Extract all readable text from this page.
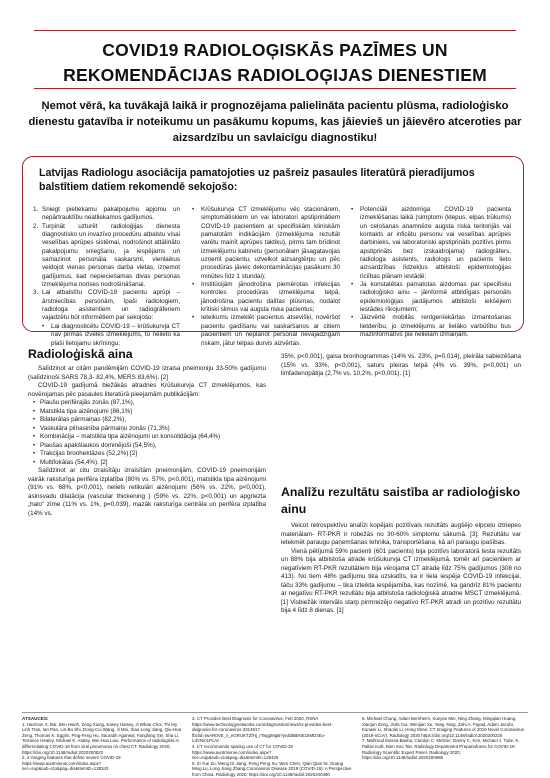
COVID19 RADIOLOĢISKĀS PAZĪMES UN REKOMENDĀCIJAS RADIOLOĢIJAS DIENESTIEM
Ņemot vērā, ka tuvākajā laikā ir prognozējama palielināta pacientu plūsma, radioloģisko dienestu gatavība ir noteikumu un pasākumu kopums, kas jāievieš un jāievēro atceroties par aizsardzību un savlaicīgu diagnostiku!
Latvijas Radiologu asociācija pamatojoties uz pašreiz pasaules literatūrā pieradījumos balstītiem datiem rekomendē sekojošo:
1. Sniegt pietiekamu pakalpojumu apjomu un nepārtrauktību neatliekamos gadījumos.
2. Turpināt uzturēt radioloģijas dienesta diagnostisko un invazīvo procedūru atbalstu visai veselības aprūpes sistēmai, nodrošinot attālināto pakalpojumu sniegšanu, ja iespējams un samazinot personāla saskarsmi, vienlaikus veidojot vienas personas darba vietas, izņemot gadījumus, kad nepieciešamas divas personas izmeklējuma norises nodrošināšanai.
3. Lai atbalstītu COVID-19 pacientu aprūpi – ārstniecības personām, īpaši radiologiem, radiologa asistentiem un radiogrāferiem vajadzētu būt informētiem par sekojošo:
• Lai diagnosticētu COVID-19 – krūšukurvja CT nav pirmās izvēles izmeklējums, to nelieto kā plaši lietojamu skrīningu;
• Krūšukurvja CT izmeklējumu vēc stacionārem, simptomātiskiem un vai laboratori apstiprinātiem COVID-19 pacientiem ar specifiskām kliniskām pamatotām indikācijām (izmeklējuma rezultāt varētu mainīt aprūpes taktiku), pirms tam brīdinot izmeklējumu kabinetu (personālam jāsagatavojas uzņemt pacientu, uzvelkot aizsargtērpu un pēc procedūras jāveic dekontaminācijas pasākumi 30 minūtes līdz 1 stundai);
• Institūcijām jānodrošina piemērotas infekcijas kontroles procedūras izmeklējuma telpā, jānodrošina pacientu dalītas plūsmas, nodalot krītiski slimus vai augsta riska pacientus;
• Ieteikums izmeklēt pacientus atsevišķi, novēršot pacientu gaidīšanu vai saskaršanos ar citiem pacientiem un neplānot personāl nevajadzīgam riskam, jātur telpas durvis aizvērtas.
• Potenciāli aizdomīga COVID-19 pacienta izmeklēšanas laikā (simptomi (klepus, elpas trūkums) un ceļošanas anamnēze augsta riska teritorijās vai kontakts ar inficētu personu vai veselības aprūpes darbinieks, vai laboratoriski apstiprināts pozitīvs pirms apstiprināts bez izskaidrojama) radiogrāfers, radiologa asistents, radiologs un pacients lieto aizsardzības līdzekļus atbilstoši epidemioloģijas riciības plānam iestādē;
• Ja konstatētas pamatotas aizdomas par specifisku radioloģisko ainu – jāinformē atbildīgais personāls epidemioloģijas jautājumos atbilstoši iekšējiem iestādes rīkojumiem;
• Jāizvērtē mobilās rentgenīekārtas izmantošanas lietderību, jo izmeklējums ar lielāko varbūtību bus mazinformatīvs pie nelielām izmaiņām.
Radioloģiskā aina

Salīdzinot ar citām pandēmijām COVID-19 izraisa pneimoniju 33-50% gadījumu (salīdzinoši SARS 78,3- 82,4%, MERS 83,6%). [2]

COVID-19 gadījumā biežākās atradnes Krūšukurvja CT izmeklējumos, kas novērojamas pēc pasaules literatūrā pieejamām publikācijām:

• Plaušu perifērajās zonās (87,1%),
• Matstikla tipa aizēnojumi (86,1%)
• Bilaterālas pārmaiņas (82,2%),
• Vaskulāra pilnasinība pārmaiņu zonās (71,3%)
• Kombinācija – matstikla tipa aizēnojumi un konsolidācija (64,4%)
• Plaušas apakšlaukos dominējoši (54,5%),
• Trakcijas bronhektāzes (52,2%) [2]
• Multifokālas (54,4%). [2]

Salīdzinot ar citu izraisītāju izraisītām pneimonijām, COVID-19 pneimonijām vairāk raksturīga perifēra izplatība (80% vs. 57%, p<0,001), matstikla tipa aizēnojumi (91% vs. 68%, p<0,001), neliels retikulāri aizēnojumi (56% vs. 22%, p<0,001), asinsvadu dilatācija (vascular thickening ) (59% vs. 22%, p<0,001) un apgriezta „halo" zīme (11% vs. 1%, p=0,039), mazāk raksturīga centrāla un perifēra izplatība (14% vs.

35%, p<0,001), gaisa bronhogrammas (14% vs. 23%, p=0,014), pleirāla sabiezēšana (15% vs. 33%, p<0,001), saturs pleiras telpā (4% vs. 39%, p<0,001) un limfadenopātija (2,7% vs. 10,2%, p<0,001). [1]

Analīžu rezultātu saistība ar radioloģisko ainu

Veicot retrospektīvu analīzi kopējais pozitīvais rezultāts augšējo elpceļu iztriepes materiālam- RT-PKR ir robežās no 30-60% simptomu sākumā. [3]. Rezultātu var ietekmēt paraugu paņemšanas tehnika, transportēšana, kā arī paraugu ipašības.

Vienā pētījumā 59% pacienti (601 pacients) bija pozitīvs laboratorā testa rezultāts un 88% bija atbilstoša atrade krūšukurvja CT izmeklējumā, tomēr arī pacientiem ar negatīviem RT-PKR rezultātiem bija vērojama CT atrade līdz 75% gadījumos (308 no 413). No tiem 48% gadījumu tika uzskatīts, ka ir liela iespēja COVID-19 infekcijai, tāču 33% gadījumu – tika izteikta iespējamība, kas nozīmē, ka gandrīz 81% pacientu ar negatīvu RT-PKR rezultātu bija atbilstoša radioloģiskā atradne MSCT izmeklējumā. [1] Visbiežāk intervāls starp pirmreizējo negatīvo RT-PKR atradi un pozitīvu rezultātu bija 4 līdz 8 dienas. [1]

ATSAUCES:

1. Harrison X. Bai, Ben Hsieh, Zeng Xiong, Kasey Halsey, Ji Whae Choi, Thi My Linh Tran, Ian Pan, Lin-Bo Shi, Dong-Cui Wang, Ji Mei, Xiao-Long Jiang, Qiu-Hua Zeng, Thomas K. Egglin, Ping-Feng Hu, Saurabh Agarwal, Fangfang Xie, Sha Li, Terrance Healey, Michael K. Atalay, Wei-Hua Liao. Performance of radiologists in differentiating COVID-19 from viral pneumonia on chest CT. Radiology 2020; https://doi.org/10.1148/radiol.2020200823

2. 4 imaging features that define severe COVID-19 https://www.auntminnie.com/index.aspx?sec=sup&sub=cto&pag=dis&ItemID=128343

3. CT Provides Best Diagnosis for Coronavirus, Feb 2020, RSNA https://www.technologynetworks.com/diagnostics/news/ct-provides-best-diagnosis-for-coronavirus-331491?fbclid=IwAR0VE_n_eGRUKTZfHj_rTwgpMgBYjeddBBINE15MD4Ex-LdVNm1PcAc

4. CT recommends sparing use of CT for COVID-19 https://www.auntminnie.com/index.aspx?sec=sup&sub=cto&pag=dis&ItemID=128426

5. Zi Yue Zu, Meng Di Jiang, Peng Peng Xu, Wen Chen, Qian Qian Ni, Guang Ming Lu, Long Jiang Zhang.Coronavirus Disease 2019 (COVID-19): A Perspective from China. Radiology 2020; https://doi.org/10.1148/radiol.2020200490

6. Michael Chung, Adam Bernheim, Xueyan Mei, Ning Zhang, Mingqian Huang, Xianjun Zeng, Jiufa Cui, Wenjian Xu, Yang Yang, Zahi A. Fayad, Adam Jacobi, Kunwei Li, Shaolin Li, Hong Shan. CT Imaging Features of 2019 Novel Coronavirus (2019-nCoV). Radiology 2020 https://doi.org/10.1148/radiol.2020200230

7. Mahmud Mossa-Basha, Carolyn C. Meltzer, Danny C. Kim, Michael J. Tuite, K. Pallav Kolli, Bien Soo Tan. Radiology Department Preparedness for COVID-19: Radiology Scientific Expert Panel. Radiology 2020; https://doi.org/10.1148/radiol.2020200988
